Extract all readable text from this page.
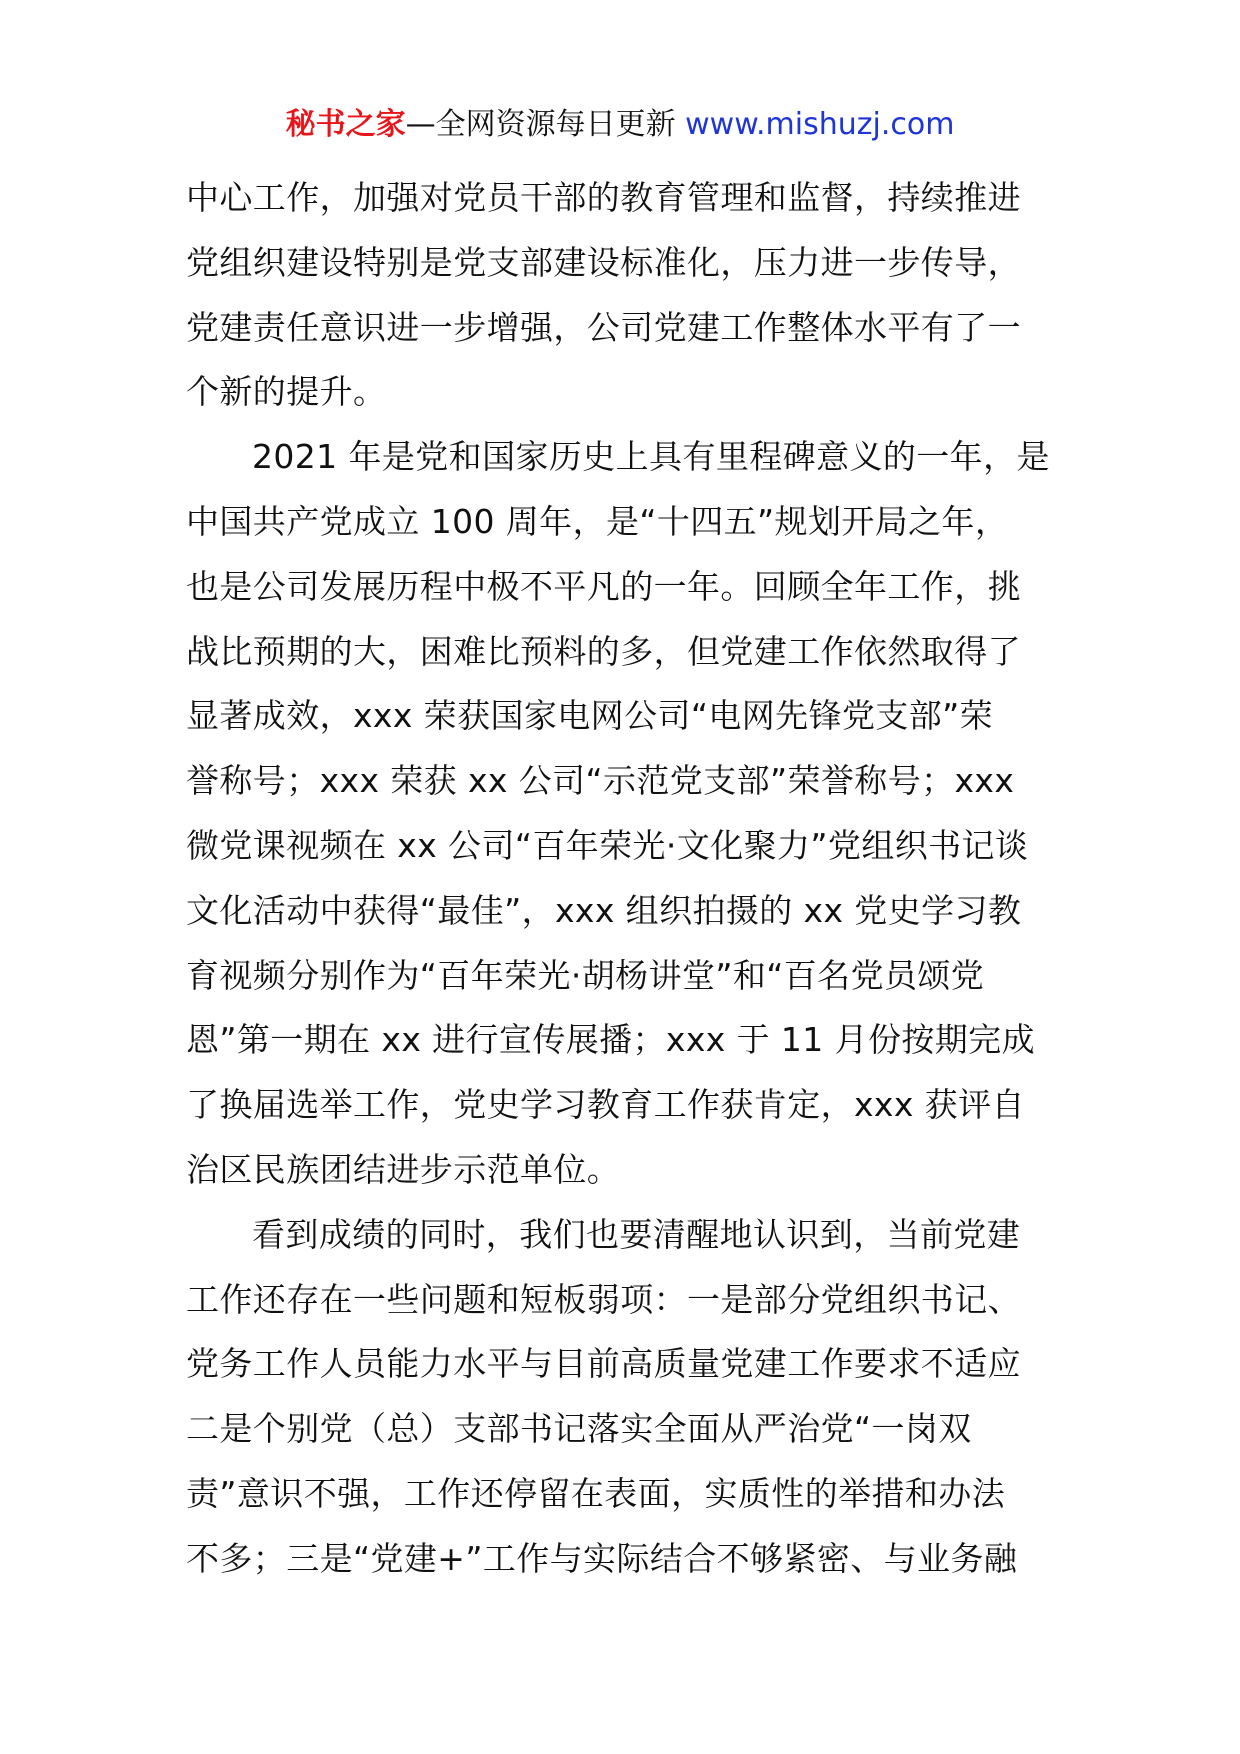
秘书之家—全网资源每日更新 www.mishuzj.com
中心工作，加强对党员干部的教育管理和监督，持续推进
党组织建设特别是党支部建设标准化，压力进一步传导，
党建责任意识进一步增强，公司党建工作整体水平有了一
个新的提升。
2021 年是党和国家历史上具有里程碑意义的一年，是
中国共产党成立 100 周年，是“十四五”规划开局之年，
也是公司发展历程中极不平凡的一年。回顾全年工作，挑
战比预期的大，困难比预料的多，但党建工作依然取得了
显著成效，xxx 荣获国家电网公司“电网先锋党支部”荣
誉称号；xxx 荣获 xx 公司“示范党支部”荣誉称号；xxx
微党课视频在 xx 公司“百年荣光·文化聚力”党组织书记谈
文化活动中获得“最佳”，xxx 组织拍摄的 xx 党史学习教
育视频分别作为“百年荣光·胡杨讲堂”和“百名党员颂党
恩”第一期在 xx 进行宣传展播；xxx 于 11 月份按期完成
了换届选举工作，党史学习教育工作获肯定，xxx 获评自
治区民族团结进步示范单位。
看到成绩的同时，我们也要清醒地认识到，当前党建
工作还存在一些问题和短板弱项：一是部分党组织书记、
党务工作人员能力水平与目前高质量党建工作要求不适应
二是个别党（总）支部书记落实全面从严治党“一岗双
责”意识不强，工作还停留在表面，实质性的举措和办法
不多；三是“党建+”工作与实际结合不够紧密、与业务融
